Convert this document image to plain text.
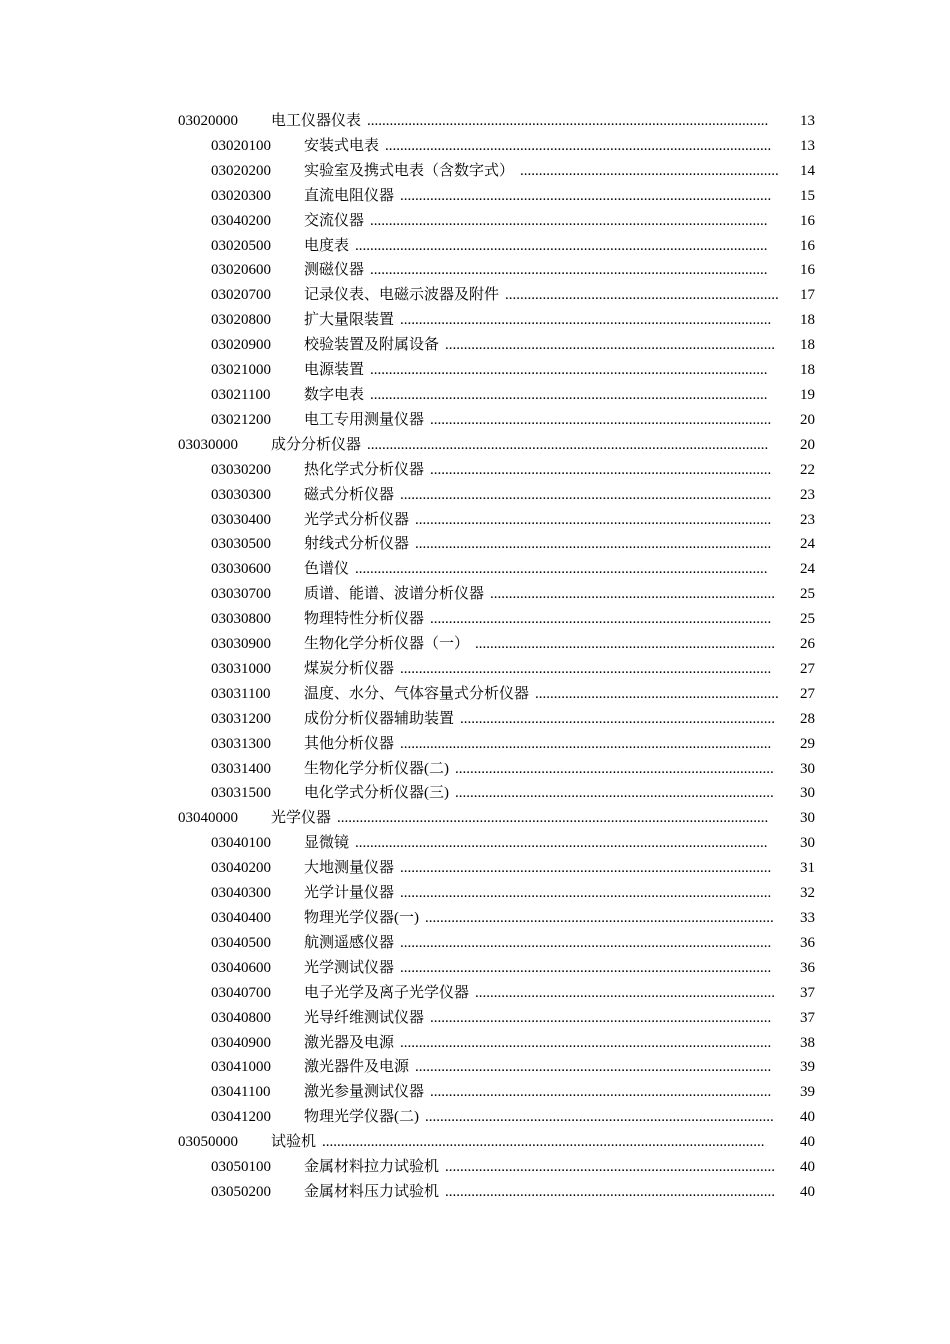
03020000 电工仪器仪表 ........................................................................................................... 13
03020100 安装式电表 ....................................................................................................... 13
03020200 实验室及携式电表（含数字式） ..................................................................... 14
03020300 直流电阻仪器 ................................................................................................... 15
03040200 交流仪器 .......................................................................................................... 16
03020500 电度表 .............................................................................................................. 16
03020600 测磁仪器 .......................................................................................................... 16
03020700 记录仪表、电磁示波器及附件 ......................................................................... 17
03020800 扩大量限装置 ................................................................................................... 18
03020900 校验装置及附属设备 ........................................................................................ 18
03021000 电源装置 .......................................................................................................... 18
03021100 数字电表 .......................................................................................................... 19
03021200 电工专用测量仪器 ........................................................................................... 20
03030000 成分分析仪器 ........................................................................................................... 20
03030200 热化学式分析仪器 ........................................................................................... 22
03030300 磁式分析仪器 ................................................................................................... 23
03030400 光学式分析仪器 ............................................................................................... 23
03030500 射线式分析仪器 ............................................................................................... 24
03030600 色谱仪 .............................................................................................................. 24
03030700 质谱、能谱、波谱分析仪器 ............................................................................ 25
03030800 物理特性分析仪器 ........................................................................................... 25
03030900 生物化学分析仪器（一） ................................................................................ 26
03031000 煤炭分析仪器 ................................................................................................... 27
03031100 温度、水分、气体容量式分析仪器 ................................................................. 27
03031200 成份分析仪器辅助装置 .................................................................................... 28
03031300 其他分析仪器 ................................................................................................... 29
03031400 生物化学分析仪器(二) ..................................................................................... 30
03031500 电化学式分析仪器(三) ..................................................................................... 30
03040000 光学仪器 ................................................................................................................... 30
03040100 显微镜 .............................................................................................................. 30
03040200 大地测量仪器 ................................................................................................... 31
03040300 光学计量仪器 ................................................................................................... 32
03040400 物理光学仪器(一) ............................................................................................. 33
03040500 航测遥感仪器 ................................................................................................... 36
03040600 光学测试仪器 ................................................................................................... 36
03040700 电子光学及离子光学仪器 ................................................................................ 37
03040800 光导纤维测试仪器 ........................................................................................... 37
03040900 激光器及电源 ................................................................................................... 38
03041000 激光器件及电源 ............................................................................................... 39
03041100 激光参量测试仪器 ........................................................................................... 39
03041200 物理光学仪器(二) ............................................................................................. 40
03050000 试验机 ...................................................................................................................... 40
03050100 金属材料拉力试验机 ........................................................................................ 40
03050200 金属材料压力试验机 ........................................................................................ 40
